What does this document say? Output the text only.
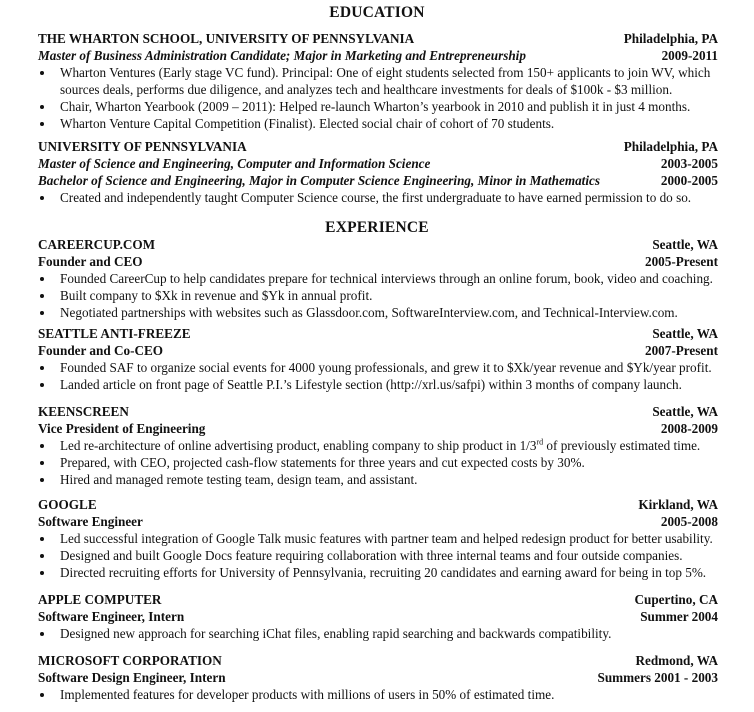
EDUCATION
THE WHARTON SCHOOL, UNIVERSITY OF PENNSYLVANIA	Philadelphia, PA
Master of Business Administration Candidate; Major in Marketing and Entrepreneurship	2009-2011
Wharton Ventures (Early stage VC fund). Principal: One of eight students selected from 150+ applicants to join WV, which
sources deals, performs due diligence, and analyzes tech and healthcare investments for deals of $100k - $3 million.
Chair, Wharton Yearbook (2009 – 2011): Helped re-launch Wharton’s yearbook in 2010 and publish it in just 4 months.
Wharton Venture Capital Competition (Finalist). Elected social chair of cohort of 70 students.
UNIVERSITY OF PENNSYLVANIA	Philadelphia, PA
Master of Science and Engineering, Computer and Information Science	2003-2005
Bachelor of Science and Engineering, Major in Computer Science Engineering, Minor in Mathematics	2000-2005
Created and independently taught Computer Science course, the first undergraduate to have earned permission to do so.
EXPERIENCE
CAREERCUP.COM	Seattle, WA
Founder and CEO	2005-Present
Founded CareerCup to help candidates prepare for technical interviews through an online forum, book, video and coaching.
Built company to $Xk in revenue and $Yk in annual profit.
Negotiated partnerships with websites such as Glassdoor.com, SoftwareInterview.com, and Technical-Interview.com.
SEATTLE ANTI-FREEZE	Seattle, WA
Founder and Co-CEO	2007-Present
Founded SAF to organize social events for 4000 young professionals, and grew it to $Xk/year revenue and $Yk/year profit.
Landed article on front page of Seattle P.I.’s Lifestyle section (http://xrl.us/safpi) within 3 months of company launch.
KEENSCREEN	Seattle, WA
Vice President of Engineering	2008-2009
Led re-architecture of online advertising product, enabling company to ship product in 1/3rd of previously estimated time.
Prepared, with CEO, projected cash-flow statements for three years and cut expected costs by 30%.
Hired and managed remote testing team, design team, and assistant.
GOOGLE	Kirkland, WA
Software Engineer	2005-2008
Led successful integration of Google Talk music features with partner team and helped redesign product for better usability.
Designed and built Google Docs feature requiring collaboration with three internal teams and four outside companies.
Directed recruiting efforts for University of Pennsylvania, recruiting 20 candidates and earning award for being in top 5%.
APPLE COMPUTER	Cupertino, CA
Software Engineer, Intern	Summer 2004
Designed new approach for searching iChat files, enabling rapid searching and backwards compatibility.
MICROSOFT CORPORATION	Redmond, WA
Software Design Engineer, Intern	Summers 2001 - 2003
Implemented features for developer products with millions of users in 50% of estimated time.
